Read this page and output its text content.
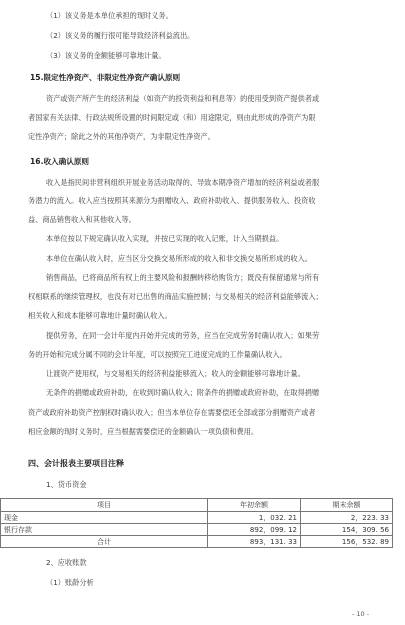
（1）该义务是本单位承担的现时义务。
（2）该义务的履行很可能导致经济利益流出。
（3）该义务的金额能够可靠地计量。
15.限定性净资产、非限定性净资产确认原则
资产或资产所产生的经济利益（如资产的投资利益和利息等）的使用受到资产提供者或
者国家有关法律、行政法规所设置的时间限定或（和）用途限定，则由此形成的净资产为限
定性净资产；除此之外的其他净资产，为非限定性净资产。
16.收入确认原则
收入是指民间非营利组织开展业务活动取得的、导致本期净资产增加的经济利益或者服
务潜力的流入。收入应当按照其来源分为捐赠收入、政府补助收入、提供服务收入、投资收
益、商品销售收入和其他收入等。
本单位按以下规定确认收入实现，并按已实现的收入记账，计入当期损益。
本单位在确认收入时，应当区分交换交易所形成的收入和非交换交易所形成的收入。
销售商品，已将商品所有权上的主要风险和报酬转移给购货方；既没有保留通常与所有
权相联系的继续管理权，也没有对已出售的商品实施控制；与交易相关的经济利益能够流入；
相关收入和成本能够可靠地计量时确认收入。
提供劳务，在同一会计年度内开始并完成的劳务，应当在完成劳务时确认收入；如果劳
务的开始和完成分属不同的会计年度，可以按照完工进度完成的工作量确认收入。
让渡资产使用权，与交易相关的经济利益能够流入；收入的金额能够可靠地计量。
无条件的捐赠或政府补助，在收到时确认收入；附条件的捐赠或政府补助，在取得捐赠
资产或政府补助资产控制权时确认收入；但当本单位存在需要偿还全部或部分捐赠资产或者
相应金额的现时义务时，应当根据需要偿还的金额确认一项负债和费用。
四、会计报表主要项目注释
1、货币资金
项目	年初余额	期末余额
现金	1，032. 21	2，223. 33
银行存款	892，099. 12	154，309. 56
合计	893，131. 33	156，532. 89
2、应收账款
（1）账龄分析
- 10 -
